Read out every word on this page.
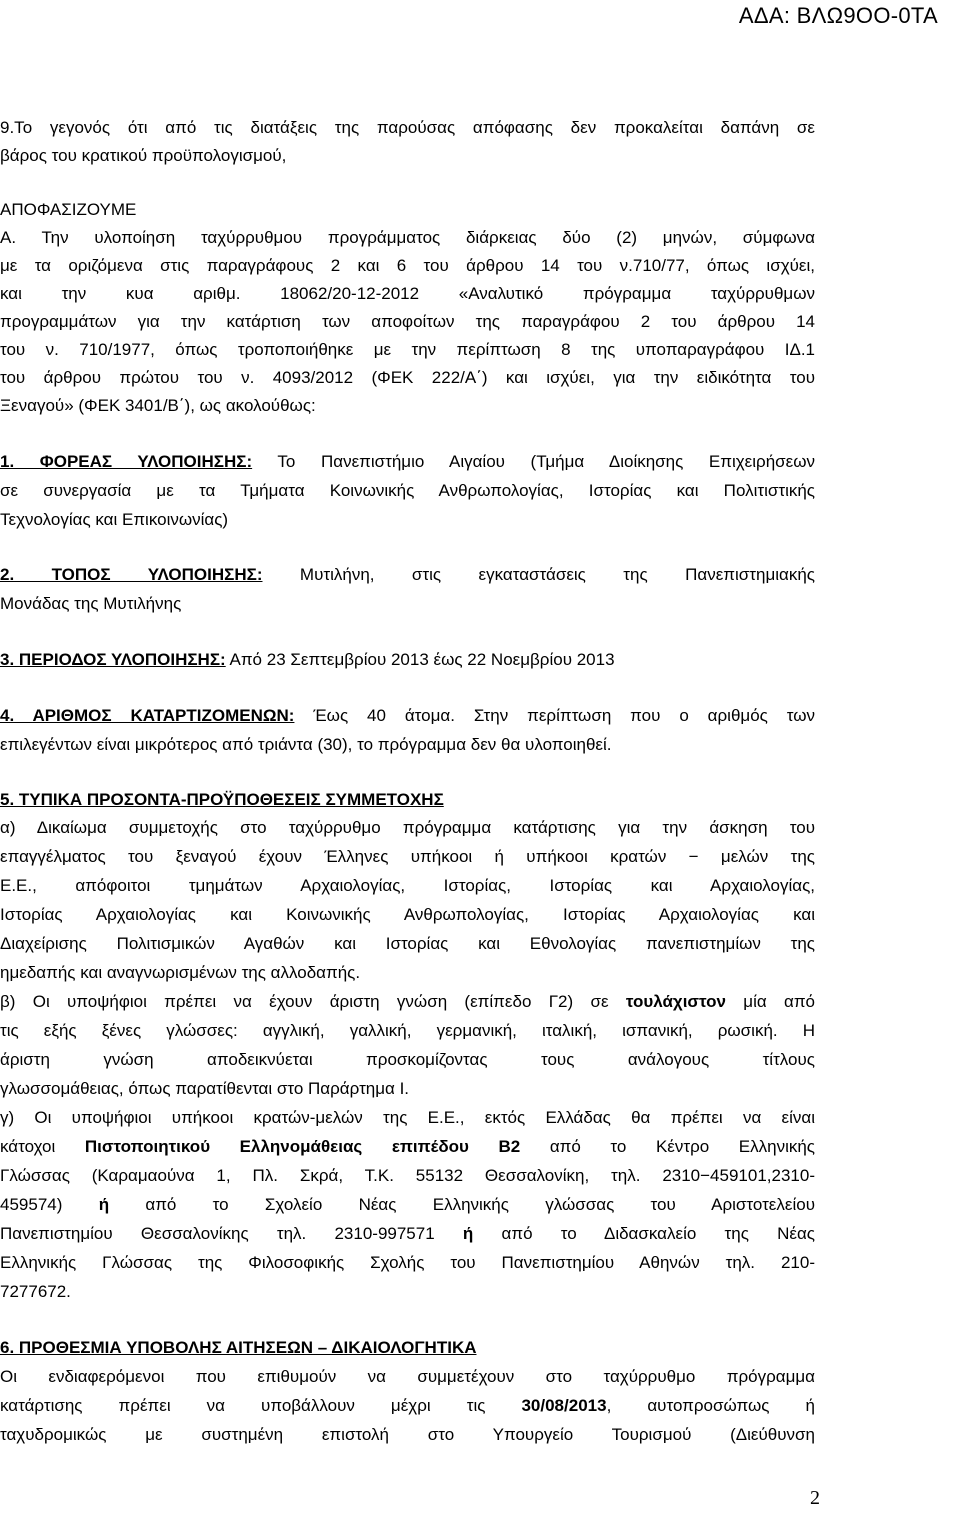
ΑΔΑ: ΒΛΩ9ΟΟ-0ΤΑ
9.Το γεγονός ότι από τις διατάξεις της παρούσας απόφασης δεν προκαλείται δαπάνη σε
βάρος του κρατικού προϋπολογισμού,
ΑΠΟΦΑΣΙΖΟΥΜΕ
Α. Την υλοποίηση ταχύρρυθμου προγράμματος διάρκειας δύο (2) μηνών, σύμφωνα
με τα οριζόμενα στις παραγράφους 2 και 6 του άρθρου 14 του ν.710/77, όπως ισχύει,
και την κυα αριθμ. 18062/20-12-2012 «Αναλυτικό πρόγραμμα ταχύρρυθμων
προγραμμάτων για την κατάρτιση των αποφοίτων της παραγράφου 2 του άρθρου 14
του ν. 710/1977, όπως τροποποιήθηκε με την περίπτωση 8 της υποπαραγράφου ΙΔ.1
του άρθρου πρώτου του ν. 4093/2012 (ΦΕΚ 222/Α΄) και ισχύει, για την ειδικότητα του
Ξεναγού» (ΦΕΚ 3401/Β΄), ως ακολούθως:
1. ΦΟΡΕΑΣ ΥΛΟΠΟΙΗΣΗΣ: Το Πανεπιστήμιο Αιγαίου (Τμήμα Διοίκησης Επιχειρήσεων
σε συνεργασία με τα Τμήματα Κοινωνικής Ανθρωπολογίας, Ιστορίας και Πολιτιστικής
Τεχνολογίας και Επικοινωνίας)
2. ΤΟΠΟΣ ΥΛΟΠΟΙΗΣΗΣ: Μυτιλήνη, στις εγκαταστάσεις της Πανεπιστημιακής
Μονάδας της Μυτιλήνης
3. ΠΕΡΙΟΔΟΣ ΥΛΟΠΟΙΗΣΗΣ: Από 23 Σεπτεμβρίου 2013 έως 22 Νοεμβρίου 2013
4. ΑΡΙΘΜΟΣ ΚΑΤΑΡΤΙΖΟΜΕΝΩΝ: Έως 40 άτομα. Στην περίπτωση που ο αριθμός των
επιλεγέντων είναι μικρότερος από τριάντα (30), το πρόγραμμα δεν θα υλοποιηθεί.
5. ΤΥΠΙΚΑ ΠΡΟΣΟΝΤΑ-ΠΡΟΫΠΟΘΕΣΕΙΣ ΣΥΜΜΕΤΟΧΗΣ
α) Δικαίωμα συμμετοχής στο ταχύρρυθμο πρόγραμμα κατάρτισης για την άσκηση του
επαγγέλματος του ξεναγού έχουν Έλληνες υπήκοοι ή υπήκοοι κρατών − μελών της
Ε.Ε., απόφοιτοι τμημάτων Αρχαιολογίας, Ιστορίας, Ιστορίας και Αρχαιολογίας,
Ιστορίας Αρχαιολογίας και Κοινωνικής Ανθρωπολογίας, Ιστορίας Αρχαιολογίας και
Διαχείρισης Πολιτισμικών Αγαθών και Ιστορίας και Εθνολογίας πανεπιστημίων της
ημεδαπής και αναγνωρισμένων της αλλοδαπής.
β) Οι υποψήφιοι πρέπει να έχουν άριστη γνώση (επίπεδο Γ2) σε τουλάχιστον μία από
τις εξής ξένες γλώσσες: αγγλική, γαλλική, γερμανική, ιταλική, ισπανική, ρωσική. Η
άριστη γνώση αποδεικνύεται προσκομίζοντας τους ανάλογους τίτλους
γλωσσομάθειας, όπως παρατίθενται στο Παράρτημα Ι.
γ) Οι υποψήφιοι υπήκοοι κρατών-μελών της Ε.Ε., εκτός Ελλάδας θα πρέπει να είναι
κάτοχοι Πιστοποιητικού Ελληνομάθειας επιπέδου Β2 από το Κέντρο Ελληνικής
Γλώσσας (Καραμαούνα 1, Πλ. Σκρά, Τ.Κ. 55132 Θεσσαλονίκη, τηλ. 2310−459101,2310-
459574) ή από το Σχολείο Νέας Ελληνικής γλώσσας του Αριστοτελείου
Πανεπιστημίου Θεσσαλονίκης τηλ. 2310-997571 ή από το Διδασκαλείο της Νέας
Ελληνικής Γλώσσας της Φιλοσοφικής Σχολής του Πανεπιστημίου Αθηνών τηλ. 210-
7277672.
6. ΠΡΟΘΕΣΜΙΑ ΥΠΟΒΟΛΗΣ ΑΙΤΗΣΕΩΝ – ΔΙΚΑΙΟΛΟΓΗΤΙΚΑ
Οι ενδιαφερόμενοι που επιθυμούν να συμμετέχουν στο ταχύρρυθμο πρόγραμμα
κατάρτισης πρέπει να υποβάλλουν μέχρι τις 30/08/2013, αυτοπροσώπως ή
ταχυδρομικώς με συστημένη επιστολή στο Υπουργείο Τουρισμού (Διεύθυνση
2
